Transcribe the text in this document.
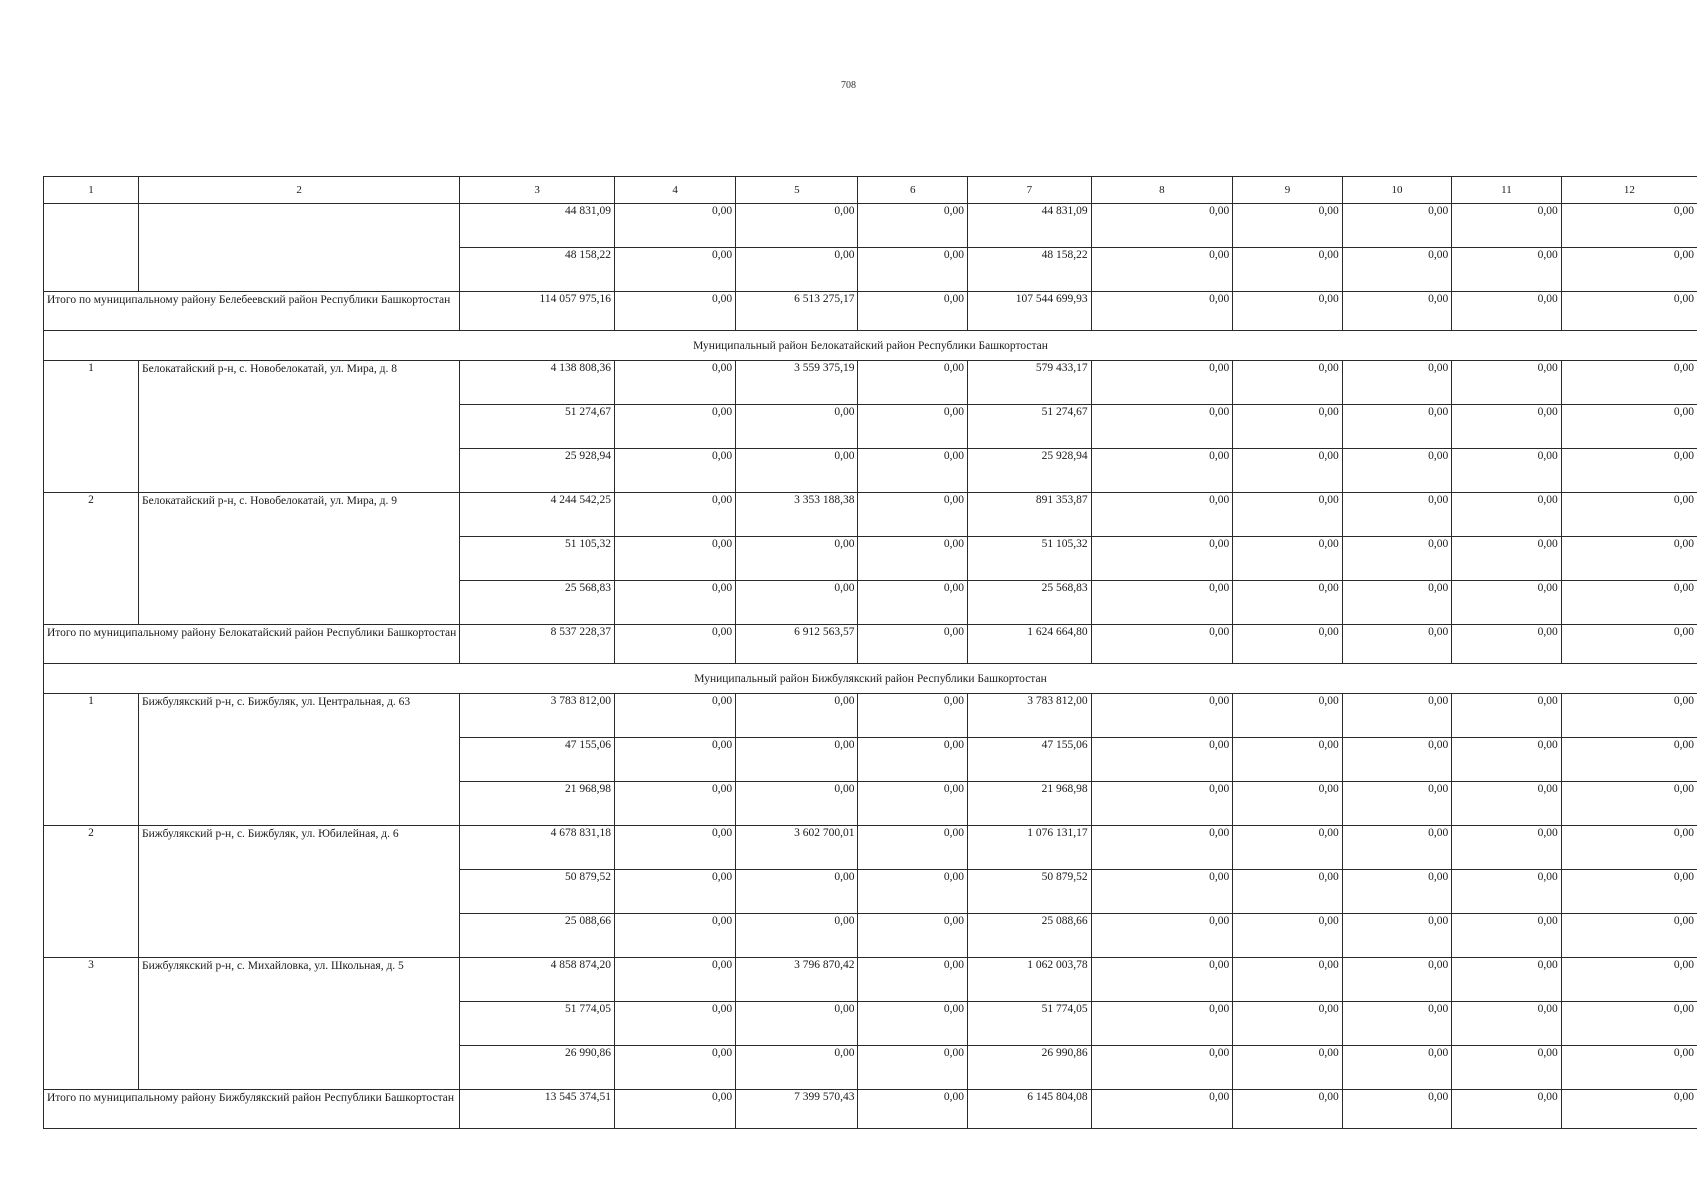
708
1	2	3	4	5	6	7	8	9	10	11	12
		44 831,09	0,00	0,00	0,00	44 831,09	0,00	0,00	0,00	0,00	0,00
		48 158,22	0,00	0,00	0,00	48 158,22	0,00	0,00	0,00	0,00	0,00
Итого по муниципальному району Белебеевский район Республики Башкортостан		114 057 975,16	0,00	6 513 275,17	0,00	107 544 699,93	0,00	0,00	0,00	0,00	0,00
Муниципальный район Белокатайский район Республики Башкортостан											
1	Белокатайский р-н, с. Новобелокатай, ул. Мира, д. 8	4 138 808,36	0,00	3 559 375,19	0,00	579 433,17	0,00	0,00	0,00	0,00	0,00
		51 274,67	0,00	0,00	0,00	51 274,67	0,00	0,00	0,00	0,00	0,00
		25 928,94	0,00	0,00	0,00	25 928,94	0,00	0,00	0,00	0,00	0,00
2	Белокатайский р-н, с. Новобелокатай, ул. Мира, д. 9	4 244 542,25	0,00	3 353 188,38	0,00	891 353,87	0,00	0,00	0,00	0,00	0,00
		51 105,32	0,00	0,00	0,00	51 105,32	0,00	0,00	0,00	0,00	0,00
		25 568,83	0,00	0,00	0,00	25 568,83	0,00	0,00	0,00	0,00	0,00
Итого по муниципальному району Белокатайский район Республики Башкортостан		8 537 228,37	0,00	6 912 563,57	0,00	1 624 664,80	0,00	0,00	0,00	0,00	0,00
Муниципальный район Бижбулякский район Республики Башкортостан											
1	Бижбулякский р-н, с. Бижбуляк, ул. Центральная, д. 63	3 783 812,00	0,00	0,00	0,00	3 783 812,00	0,00	0,00	0,00	0,00	0,00
		47 155,06	0,00	0,00	0,00	47 155,06	0,00	0,00	0,00	0,00	0,00
		21 968,98	0,00	0,00	0,00	21 968,98	0,00	0,00	0,00	0,00	0,00
2	Бижбулякский р-н, с. Бижбуляк, ул. Юбилейная, д. 6	4 678 831,18	0,00	3 602 700,01	0,00	1 076 131,17	0,00	0,00	0,00	0,00	0,00
		50 879,52	0,00	0,00	0,00	50 879,52	0,00	0,00	0,00	0,00	0,00
		25 088,66	0,00	0,00	0,00	25 088,66	0,00	0,00	0,00	0,00	0,00
3	Бижбулякский р-н, с. Михайловка, ул. Школьная, д. 5	4 858 874,20	0,00	3 796 870,42	0,00	1 062 003,78	0,00	0,00	0,00	0,00	0,00
		51 774,05	0,00	0,00	0,00	51 774,05	0,00	0,00	0,00	0,00	0,00
		26 990,86	0,00	0,00	0,00	26 990,86	0,00	0,00	0,00	0,00	0,00
Итого по муниципальному району Бижбулякский район Республики Башкортостан		13 545 374,51	0,00	7 399 570,43	0,00	6 145 804,08	0,00	0,00	0,00	0,00	0,00
